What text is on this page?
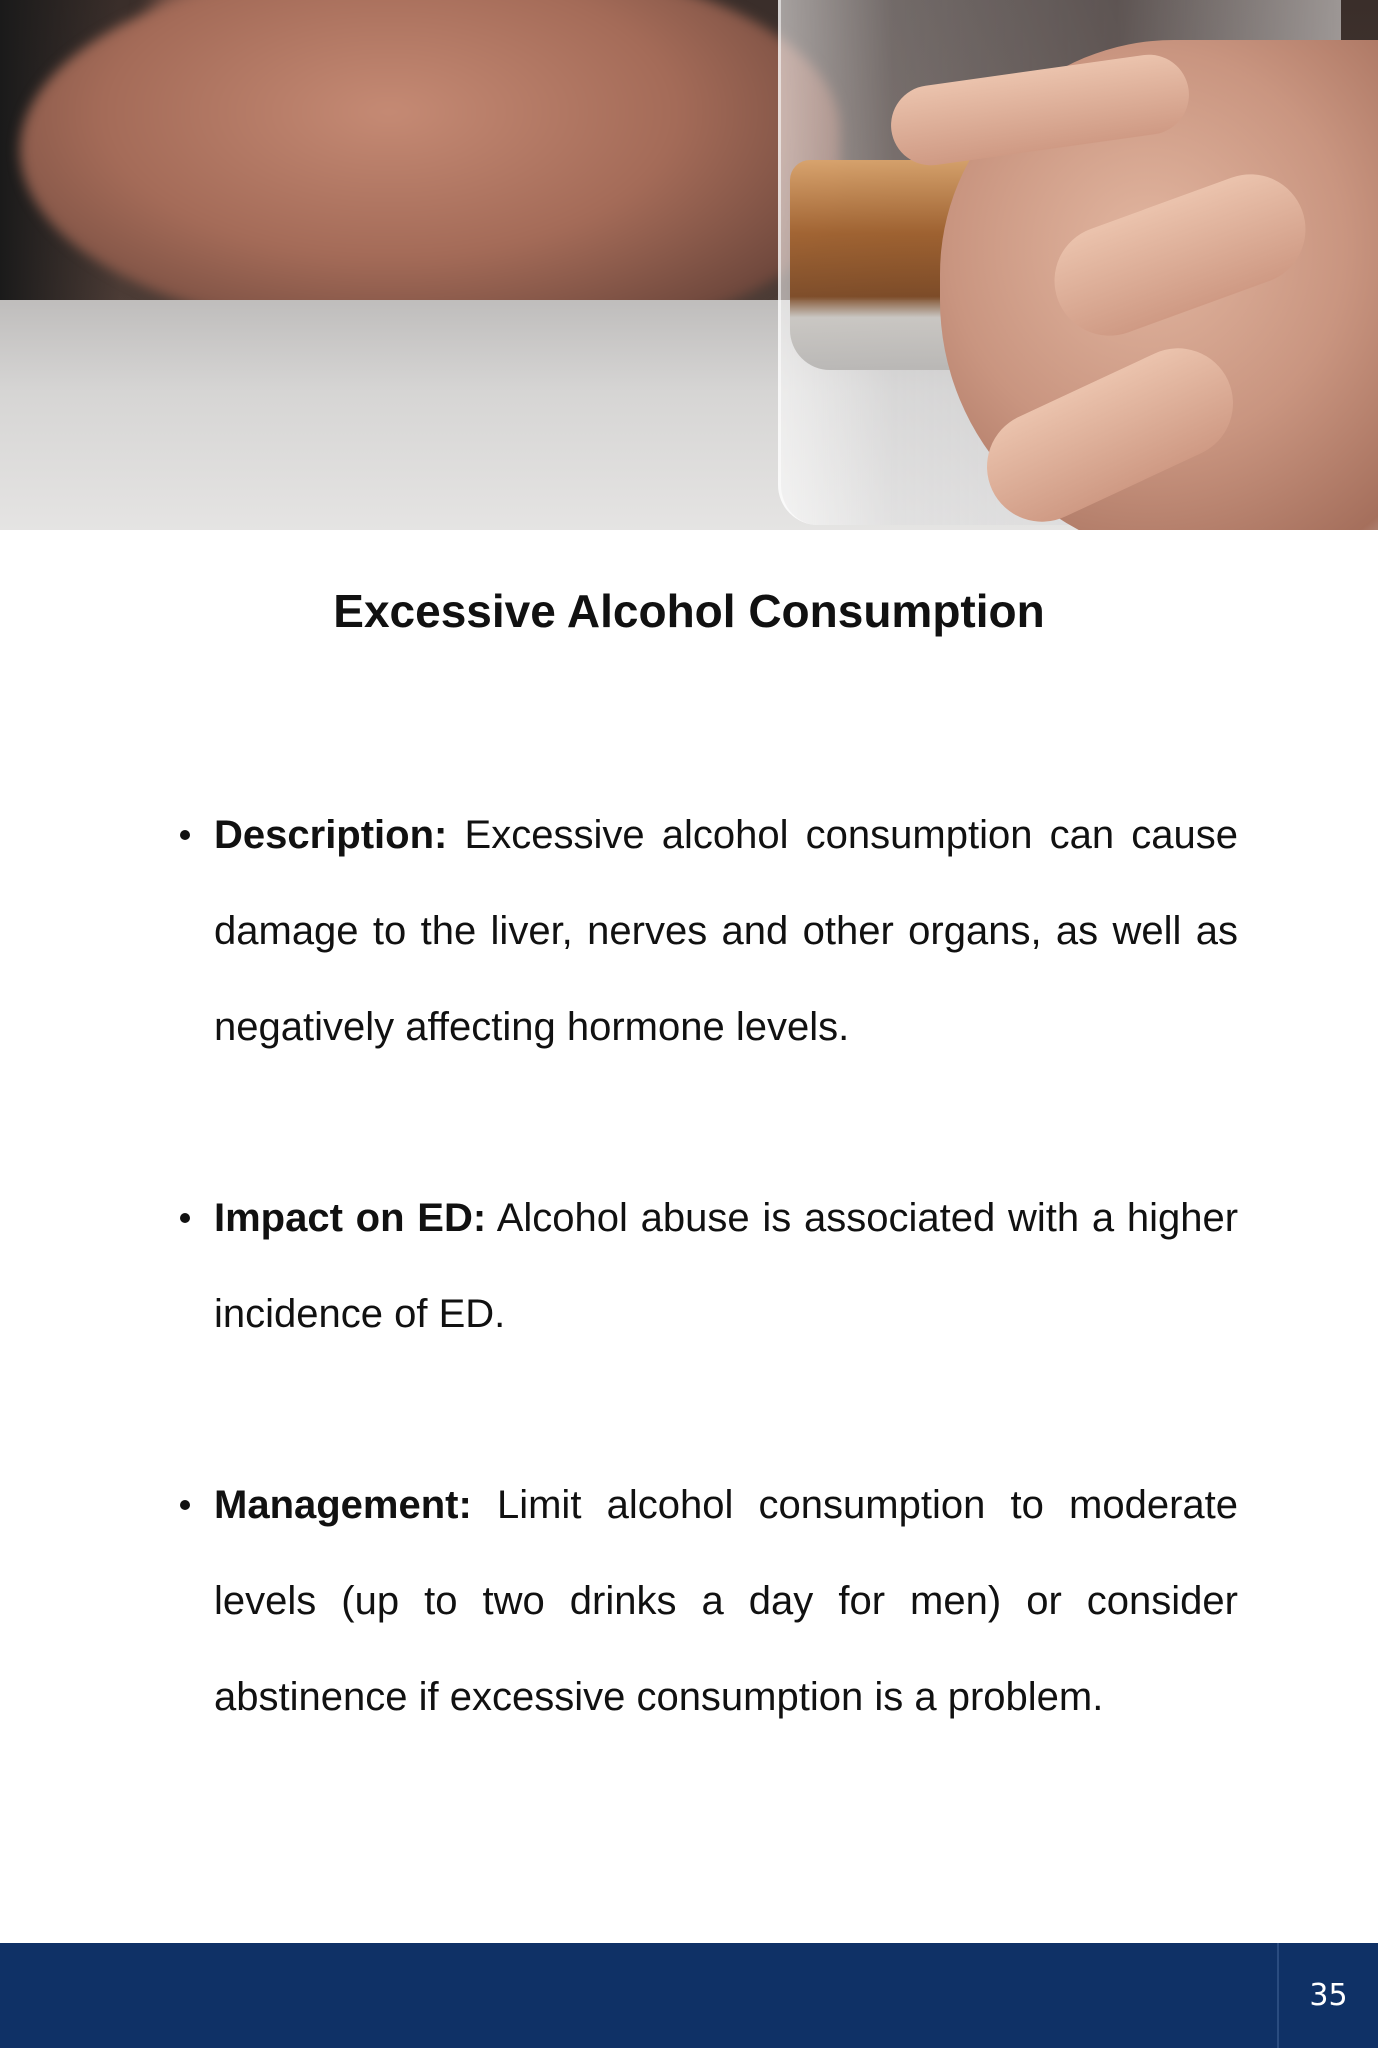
Excessive Alcohol Consumption
Description: Excessive alcohol consumption can cause damage to the liver, nerves and other organs, as well as negatively affecting hormone levels.
Impact on ED: Alcohol abuse is associated with a higher incidence of ED.
Management: Limit alcohol consumption to moderate levels (up to two drinks a day for men) or consider abstinence if excessive consumption is a problem.
35
